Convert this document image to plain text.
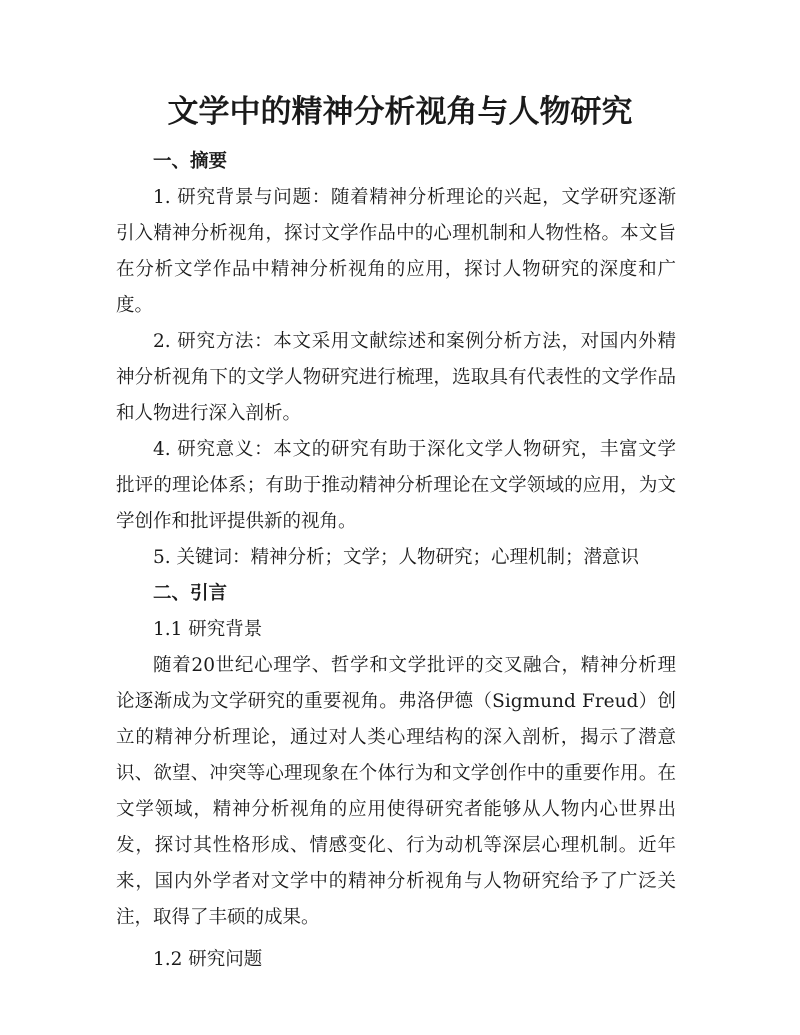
文学中的精神分析视角与人物研究

一、摘要

1. 研究背景与问题：随着精神分析理论的兴起，文学研究逐渐引入精神分析视角，探讨文学作品中的心理机制和人物性格。本文旨在分析文学作品中精神分析视角的应用，探讨人物研究的深度和广度。

2. 研究方法：本文采用文献综述和案例分析方法，对国内外精神分析视角下的文学人物研究进行梳理，选取具有代表性的文学作品和人物进行深入剖析。

4. 研究意义：本文的研究有助于深化文学人物研究，丰富文学批评的理论体系；有助于推动精神分析理论在文学领域的应用，为文学创作和批评提供新的视角。

5. 关键词：精神分析；文学；人物研究；心理机制；潜意识

二、引言

1.1 研究背景

随着20世纪心理学、哲学和文学批评的交叉融合，精神分析理论逐渐成为文学研究的重要视角。弗洛伊德（Sigmund Freud）创立的精神分析理论，通过对人类心理结构的深入剖析，揭示了潜意识、欲望、冲突等心理现象在个体行为和文学创作中的重要作用。在文学领域，精神分析视角的应用使得研究者能够从人物内心世界出发，探讨其性格形成、情感变化、行为动机等深层心理机制。近年来，国内外学者对文学中的精神分析视角与人物研究给予了广泛关注，取得了丰硕的成果。

1.2 研究问题
